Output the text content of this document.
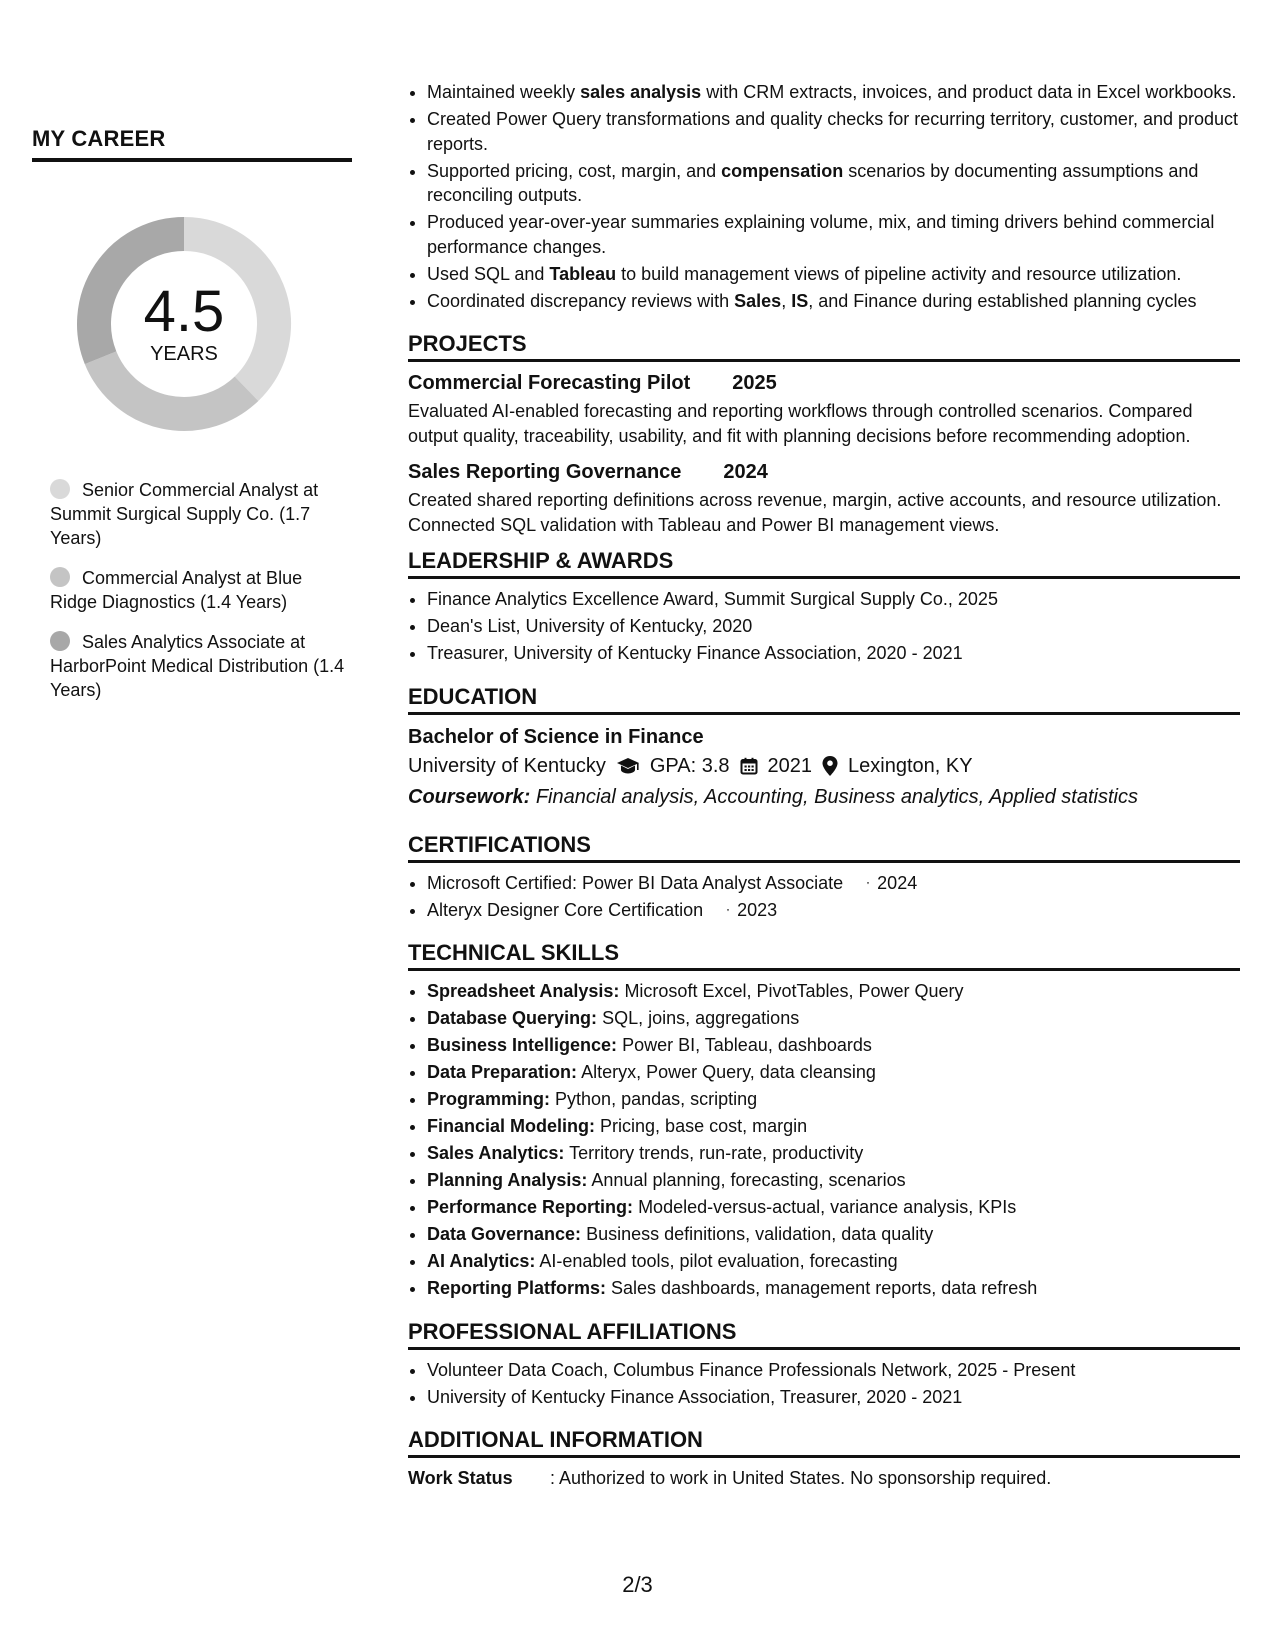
MY CAREER
4.5
YEARS
Senior Commercial Analyst at Summit Surgical Supply Co. (1.7 Years)
Commercial Analyst at Blue Ridge Diagnostics (1.4 Years)
Sales Analytics Associate at HarborPoint Medical Distribution (1.4 Years)
• Maintained weekly sales analysis with CRM extracts, invoices, and product data in Excel workbooks.
• Created Power Query transformations and quality checks for recurring territory, customer, and product reports.
• Supported pricing, cost, margin, and compensation scenarios by documenting assumptions and reconciling outputs.
• Produced year-over-year summaries explaining volume, mix, and timing drivers behind commercial performance changes.
• Used SQL and Tableau to build management views of pipeline activity and resource utilization.
• Coordinated discrepancy reviews with Sales, IS, and Finance during established planning cycles
PROJECTS
Commercial Forecasting Pilot 2025
Evaluated AI-enabled forecasting and reporting workflows through controlled scenarios. Compared output quality, traceability, usability, and fit with planning decisions before recommending adoption.
Sales Reporting Governance 2024
Created shared reporting definitions across revenue, margin, active accounts, and resource utilization. Connected SQL validation with Tableau and Power BI management views.
LEADERSHIP & AWARDS
• Finance Analytics Excellence Award, Summit Surgical Supply Co., 2025
• Dean's List, University of Kentucky, 2020
• Treasurer, University of Kentucky Finance Association, 2020 - 2021
EDUCATION
Bachelor of Science in Finance
University of Kentucky GPA: 3.8 2021 Lexington, KY
Coursework: Financial analysis, Accounting, Business analytics, Applied statistics
CERTIFICATIONS
• Microsoft Certified: Power BI Data Analyst Associate 2024
• Alteryx Designer Core Certification 2023
TECHNICAL SKILLS
• Spreadsheet Analysis: Microsoft Excel, PivotTables, Power Query
• Database Querying: SQL, joins, aggregations
• Business Intelligence: Power BI, Tableau, dashboards
• Data Preparation: Alteryx, Power Query, data cleansing
• Programming: Python, pandas, scripting
• Financial Modeling: Pricing, base cost, margin
• Sales Analytics: Territory trends, run-rate, productivity
• Planning Analysis: Annual planning, forecasting, scenarios
• Performance Reporting: Modeled-versus-actual, variance analysis, KPIs
• Data Governance: Business definitions, validation, data quality
• AI Analytics: AI-enabled tools, pilot evaluation, forecasting
• Reporting Platforms: Sales dashboards, management reports, data refresh
PROFESSIONAL AFFILIATIONS
• Volunteer Data Coach, Columbus Finance Professionals Network, 2025 - Present
• University of Kentucky Finance Association, Treasurer, 2020 - 2021
ADDITIONAL INFORMATION
Work Status	: Authorized to work in United States. No sponsorship required.
2/3
